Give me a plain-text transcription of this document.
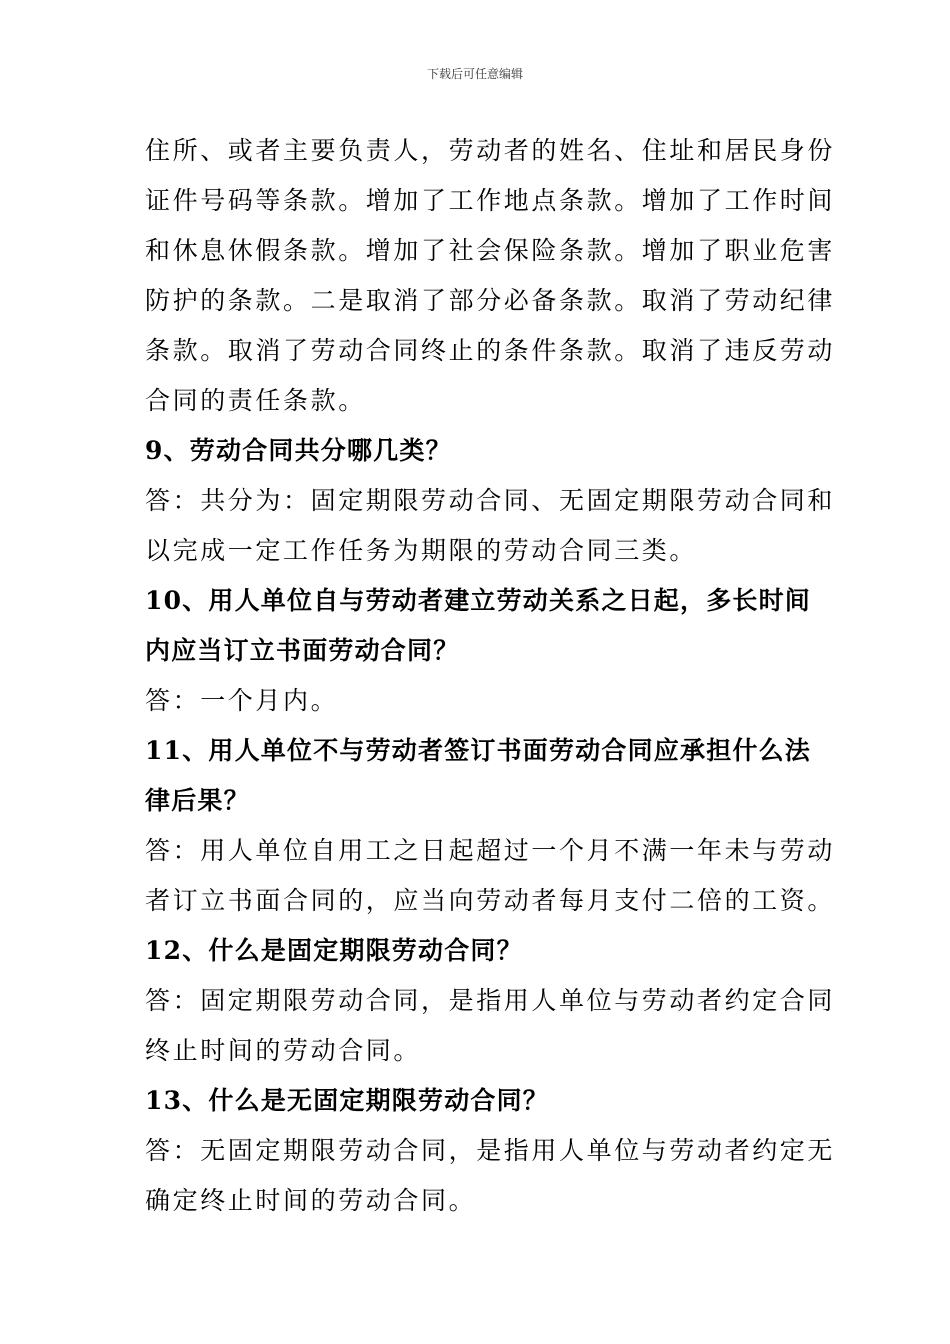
下载后可任意编辑
住所、或者主要负责人，劳动者的姓名、住址和居民身份
证件号码等条款。增加了工作地点条款。增加了工作时间
和休息休假条款。增加了社会保险条款。增加了职业危害
防护的条款。二是取消了部分必备条款。取消了劳动纪律
条款。取消了劳动合同终止的条件条款。取消了违反劳动
合同的责任条款。
9、劳动合同共分哪几类？
答：共分为：固定期限劳动合同、无固定期限劳动合同和
以完成一定工作任务为期限的劳动合同三类。
10、用人单位自与劳动者建立劳动关系之日起，多长时间
内应当订立书面劳动合同？
答：一个月内。
11、用人单位不与劳动者签订书面劳动合同应承担什么法
律后果？
答：用人单位自用工之日起超过一个月不满一年未与劳动
者订立书面合同的，应当向劳动者每月支付二倍的工资。
12、什么是固定期限劳动合同？
答：固定期限劳动合同，是指用人单位与劳动者约定合同
终止时间的劳动合同。
13、什么是无固定期限劳动合同？
答：无固定期限劳动合同，是指用人单位与劳动者约定无
确定终止时间的劳动合同。
